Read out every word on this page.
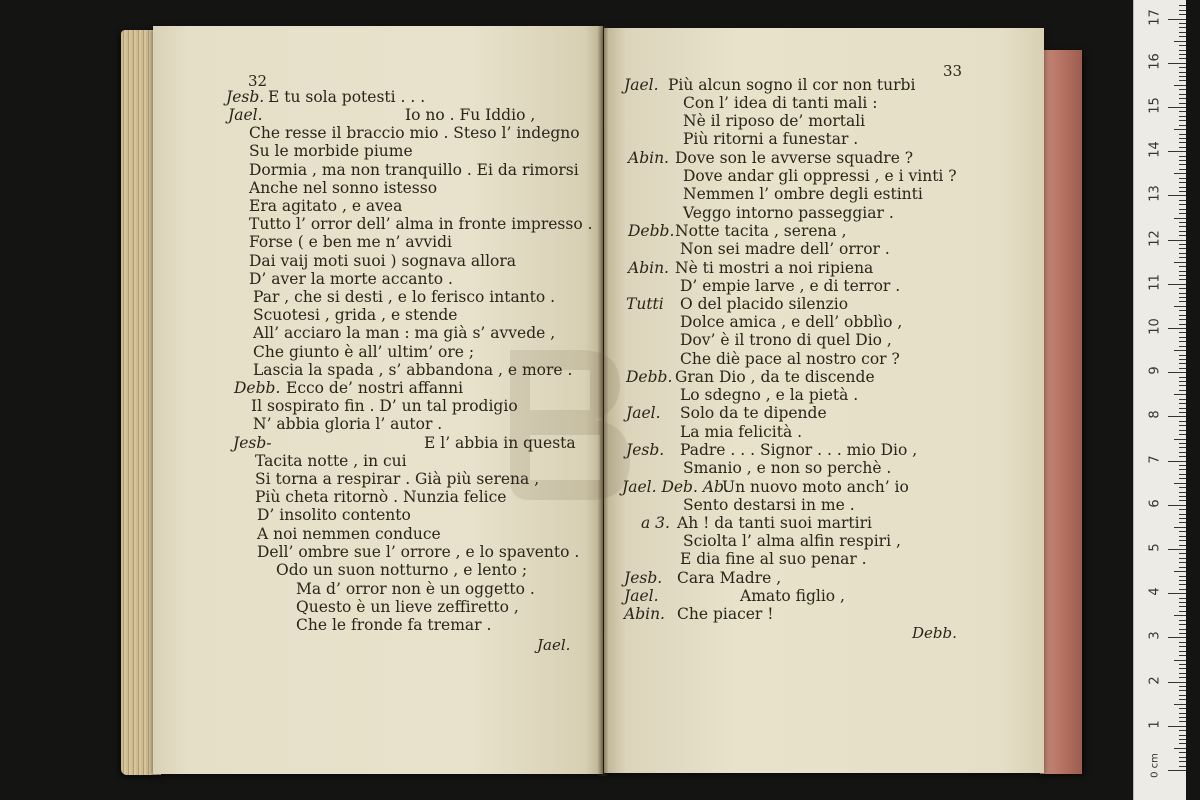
32
33
Jesb. E tu sola potesti . . .
Jael.	Io no . Fu Iddio ,
Che resse il braccio mio . Steso l’ indegno
Su le morbide piume
Dormia , ma non tranquillo . Ei da rimorsi
Anche nel sonno istesso
Era agitato , e avea
Tutto l’ orror dell’ alma in fronte impresso .
Forse ( e ben me n’ avvidi
Dai vaij moti suoi ) sognava allora
D’ aver la morte accanto .
Par , che si desti , e lo ferisco intanto .
Scuotesi , grida , e stende
All’ acciaro la man : ma già s’ avvede ,
Che giunto è all’ ultim’ ore ;
Lascia la spada , s’ abbandona , e more .
Debb. Ecco de’ nostri affanni
Il sospirato fin . D’ un tal prodigio
N’ abbia gloria l’ autor .
Jesb-	E l’ abbia in questa
Tacita notte , in cui
Si torna a respirar . Già più serena ,
Più cheta ritornò . Nunzia felice
D’ insolito contento
A noi nemmen conduce
Dell’ ombre sue l’ orrore , e lo spavento .
Odo un suon notturno , e lento ;
Ma d’ orror non è un oggetto .
Questo è un lieve zeffiretto ,
Che le fronde fa tremar .
Jael. Più alcun sogno il cor non turbi
Con l’ idea di tanti mali :
Nè il riposo de’ mortali
Più ritorni a funestar .
Abin. Dove son le avverse squadre ?
Dove andar gli oppressi , e i vinti ?
Nemmen l’ ombre degli estinti
Veggo intorno passeggiar .
Debb. Notte tacita , serena ,
Non sei madre dell’ orror .
Abin. Nè ti mostri a noi ripiena
D’ empie larve , e di terror .
Tutti O del placido silenzio
Dolce amica , e dell’ obblìo ,
Dov’ è il trono di quel Dio ,
Che diè pace al nostro cor ?
Debb. Gran Dio , da te discende
Lo sdegno , e la pietà .
Jael. Solo da te dipende
La mia felicità .
Jesb. Padre . . . Signor . . . mio Dio ,
Smanio , e non so perchè .
Jael. Deb. Ab.
Un nuovo moto anch’ io
Sento destarsi in me .
a 3. Ah ! da tanti suoi martiri
Sciolta l’ alma alfin respiri ,
E dia fine al suo penar .
Jesb. Cara Madre ,
Jael.	Amato figlio ,
Abin. Che piacer !
Jael.
Debb.
0 cm
1
2
3
4
5
6
7
8
9
10
11
12
13
14
15
16
17
